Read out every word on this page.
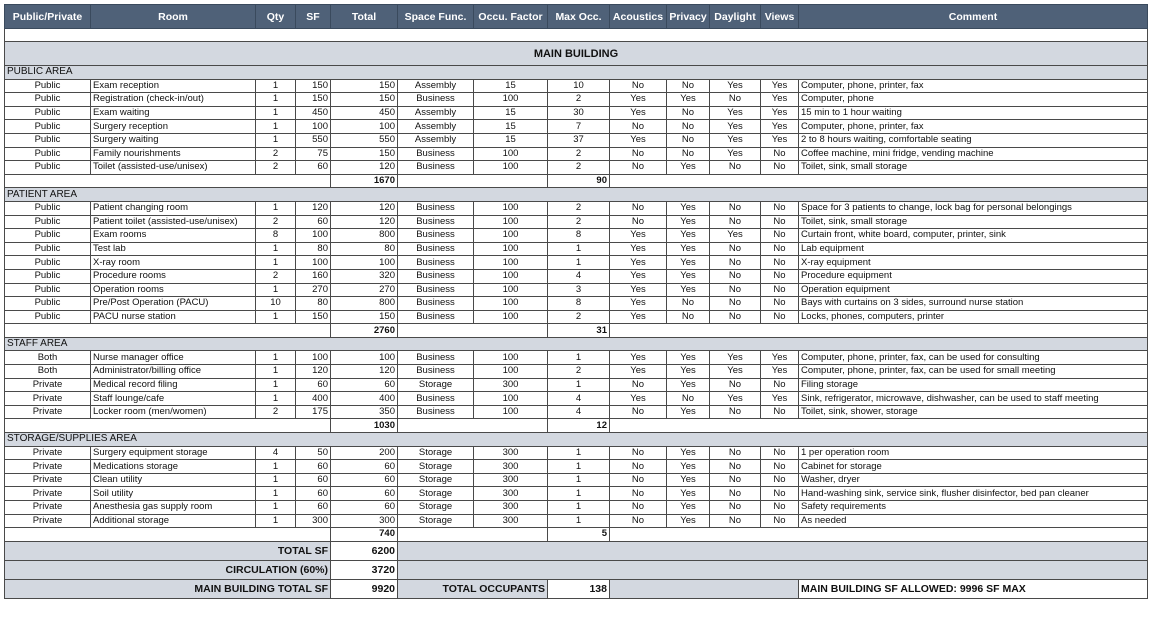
Public/Private	Room	Qty	SF	Total	Space Func.	Occu. Factor	Max Occ.	Acoustics	Privacy	Daylight	Views	Comment

MAIN BUILDING												
PUBLIC AREA												
Public	Exam reception	1	150	150	Assembly	15	10	No	No	Yes	Yes	Computer, phone, printer, fax
Public	Registration (check-in/out)	1	150	150	Business	100	2	Yes	Yes	No	Yes	Computer, phone
Public	Exam waiting	1	450	450	Assembly	15	30	Yes	No	Yes	Yes	15 min to 1 hour waiting
Public	Surgery reception	1	100	100	Assembly	15	7	No	No	Yes	Yes	Computer, phone, printer, fax
Public	Surgery waiting	1	550	550	Assembly	15	37	Yes	No	Yes	Yes	2 to 8 hours waiting, comfortable seating
Public	Family nourishments	2	75	150	Business	100	2	No	No	Yes	No	Coffee machine, mini fridge, vending machine
Public	Toilet (assisted-use/unisex)	2	60	120	Business	100	2	No	Yes	No	No	Toilet, sink, small storage
				1670			90					
PATIENT AREA												
Public	Patient changing room	1	120	120	Business	100	2	No	Yes	No	No	Space for 3 patients to change, lock bag for personal belongings
Public	Patient toilet (assisted-use/unisex)	2	60	120	Business	100	2	No	Yes	No	No	Toilet, sink, small storage
Public	Exam rooms	8	100	800	Business	100	8	Yes	Yes	Yes	No	Curtain front, white board, computer, printer, sink
Public	Test lab	1	80	80	Business	100	1	Yes	Yes	No	No	Lab equipment
Public	X-ray room	1	100	100	Business	100	1	Yes	Yes	No	No	X-ray equipment
Public	Procedure rooms	2	160	320	Business	100	4	Yes	Yes	No	No	Procedure equipment
Public	Operation rooms	1	270	270	Business	100	3	Yes	Yes	No	No	Operation equipment
Public	Pre/Post Operation (PACU)	10	80	800	Business	100	8	Yes	No	No	No	Bays with curtains on 3 sides, surround nurse station
Public	PACU nurse station	1	150	150	Business	100	2	Yes	No	No	No	Locks, phones, computers, printer
				2760			31					
STAFF AREA												
Both	Nurse manager office	1	100	100	Business	100	1	Yes	Yes	Yes	Yes	Computer, phone, printer, fax, can be used for consulting
Both	Administrator/billing office	1	120	120	Business	100	2	Yes	Yes	Yes	Yes	Computer, phone, printer, fax, can be used for small meeting
Private	Medical record filing	1	60	60	Storage	300	1	No	Yes	No	No	Filing storage
Private	Staff lounge/cafe	1	400	400	Business	100	4	Yes	No	Yes	Yes	Sink, refrigerator, microwave, dishwasher, can be used to staff meeting
Private	Locker room (men/women)	2	175	350	Business	100	4	No	Yes	No	No	Toilet, sink, shower, storage
				1030			12					
STORAGE/SUPPLIES AREA												
Private	Surgery equipment storage	4	50	200	Storage	300	1	No	Yes	No	No	1 per operation room
Private	Medications storage	1	60	60	Storage	300	1	No	Yes	No	No	Cabinet for storage
Private	Clean utility	1	60	60	Storage	300	1	No	Yes	No	No	Washer, dryer
Private	Soil utility	1	60	60	Storage	300	1	No	Yes	No	No	Hand-washing sink, service sink, flusher disinfector, bed pan cleaner
Private	Anesthesia gas supply room	1	60	60	Storage	300	1	No	Yes	No	No	Safety requirements
Private	Additional storage	1	300	300	Storage	300	1	No	Yes	No	No	As needed
				740			5					
TOTAL SF				6200								
CIRCULATION (60%)				3720								
MAIN BUILDING TOTAL SF				9920	TOTAL OCCUPANTS		138					MAIN BUILDING SF ALLOWED: 9996 SF MAX
